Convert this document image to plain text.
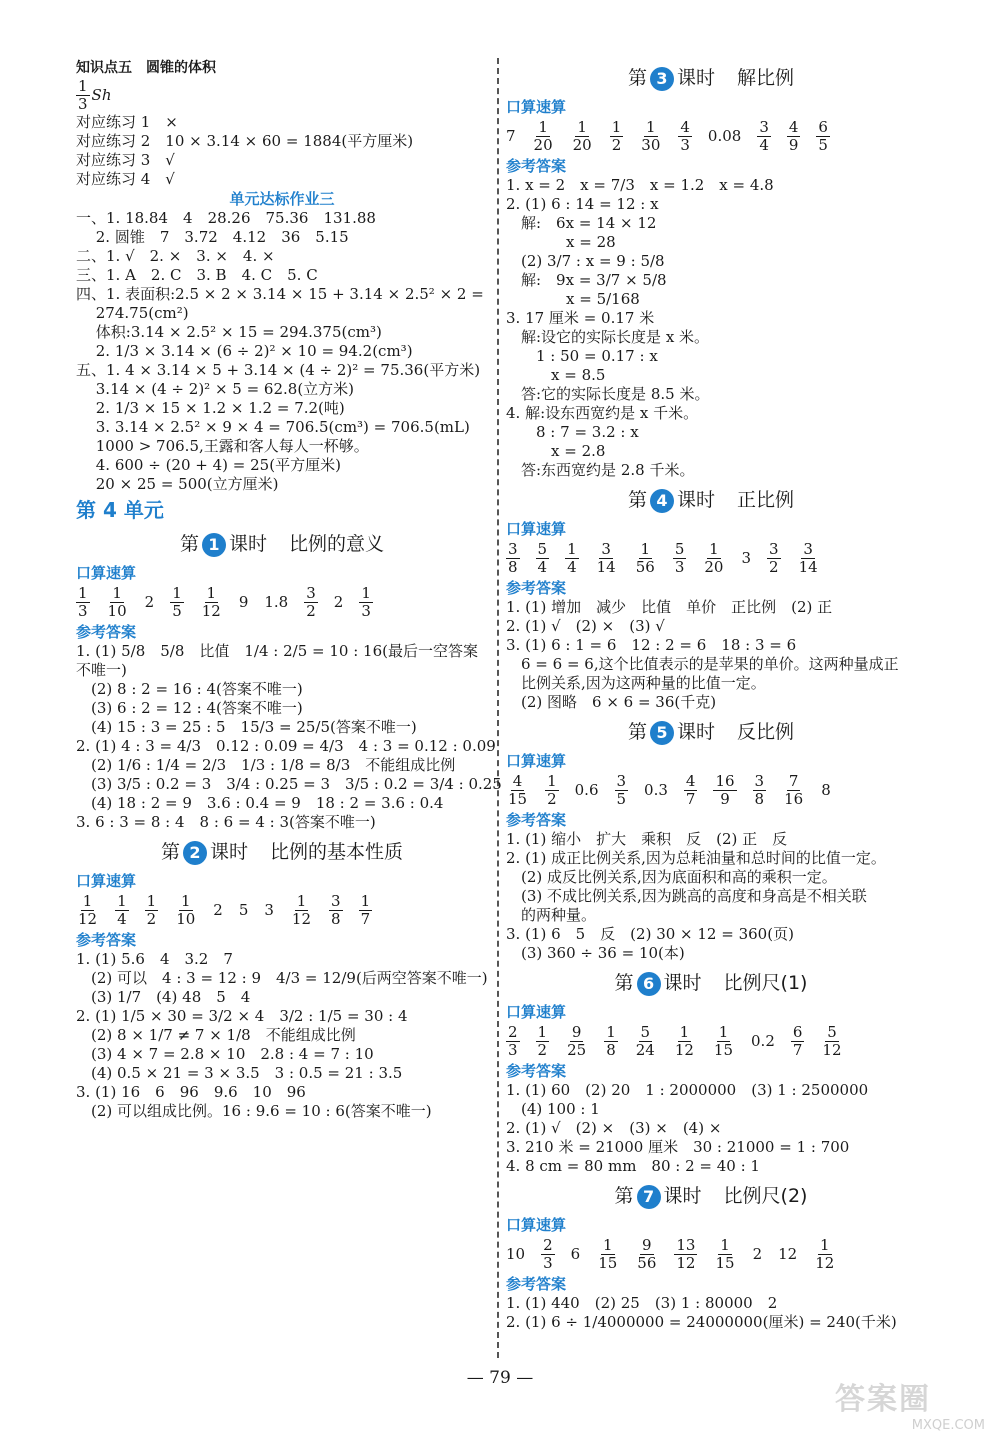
知识点五　圆锥的体积
1
3 Sh
对应练习 1　×
对应练习 2　10 × 3.14 × 60 = 1884(平方厘米)
对应练习 3　√
对应练习 4　√
单元达标作业三
一、1. 18.84　4　28.26　75.36　131.88
　 2. 圆锥　7　3.72　4.12　36　5.15
二、1. √　2. ×　3. ×　4. ×
三、1. A　2. C　3. B　4. C　5. C
四、1. 表面积:2.5 × 2 × 3.14 × 15 + 3.14 × 2.5² × 2 =
　 274.75(cm²)
　 体积:3.14 × 2.5² × 15 = 294.375(cm³)
　 2. 1/3 × 3.14 × (6 ÷ 2)² × 10 = 94.2(cm³)
五、1. 4 × 3.14 × 5 + 3.14 × (4 ÷ 2)² = 75.36(平方米)
　 3.14 × (4 ÷ 2)² × 5 = 62.8(立方米)
　 2. 1/3 × 15 × 1.2 × 1.2 = 7.2(吨)
　 3. 3.14 × 2.5² × 9 × 4 = 706.5(cm³) = 706.5(mL)
　 1000 > 706.5,王露和客人每人一杯够。
　 4. 600 ÷ (20 + 4) = 25(平方厘米)
　 20 × 25 = 500(立方厘米)
第 4 单元
第 1 课时 比例的意义
口算速算
$\frac{1}{3} \frac{1}{10} 2 \frac{1}{5} \frac{1}{12} 9$ $1.8 \frac{3}{2} 2 \frac{1}{3}$
参考答案
1. (1) 5/8　5/8　比值　1/4 : 2/5 = 10 : 16(最后一空答案
不唯一)
　(2) 8 : 2 = 16 : 4(答案不唯一)
　(3) 6 : 2 = 12 : 4(答案不唯一)
　(4) 15 : 3 = 25 : 5　15/3 = 25/5(答案不唯一)
2. (1) 4 : 3 = 4/3　0.12 : 0.09 = 4/3　4 : 3 = 0.12 : 0.09
　(2) 1/6 : 1/4 = 2/3　1/3 : 1/8 = 8/3　不能组成比例
　(3) 3/5 : 0.2 = 3　3/4 : 0.25 = 3　3/5 : 0.2 = 3/4 : 0.25
　(4) 18 : 2 = 9　3.6 : 0.4 = 9　18 : 2 = 3.6 : 0.4
3. 6 : 3 = 8 : 4　8 : 6 = 4 : 3(答案不唯一)
第 2 课时 比例的基本性质
口算速算
$\frac{1}{12} \frac{1}{4} \frac{1}{2} \frac{1}{10} 2$ 5 $3 \frac{1}{12} \frac{3}{8} \frac{1}{7}$
参考答案
1. (1) 5.6　4　3.2　7
　(2) 可以　4 : 3 = 12 : 9　4/3 = 12/9(后两空答案不唯一)
　(3) 1/7　(4) 48　5　4
2. (1) 1/5 × 30 = 3/2 × 4　3/2 : 1/5 = 30 : 4
　(2) 8 × 1/7 ≠ 7 × 1/8　不能组成比例
　(3) 4 × 7 = 2.8 × 10　2.8 : 4 = 7 : 10
　(4) 0.5 × 21 = 3 × 3.5　3 : 0.5 = 21 : 3.5
3. (1) 16　6　96　9.6　10　96
　(2) 可以组成比例。16 : 9.6 = 10 : 6(答案不唯一)
第 3 课时 解比例
口算速算
$7 \frac{1}{20} \frac{1}{20} \frac{1}{2} \frac{1}{30} \frac{4}{3} 0.08 \frac{3}{4} \frac{4}{9} \frac{6}{5}$
参考答案
1. x = 2　x = 7/3　x = 1.2　x = 4.8
2. (1) 6 : 14 = 12 : x
　解:　6x = 14 × 12
　　　　x = 28
　(2) 3/7 : x = 9 : 5/8
　解:　9x = 3/7 × 5/8
　　　　x = 5/168
3. 17 厘米 = 0.17 米
　解:设它的实际长度是 x 米。
　　1 : 50 = 0.17 : x
　　　x = 8.5
　答:它的实际长度是 8.5 米。
4. 解:设东西宽约是 x 千米。
　　8 : 7 = 3.2 : x
　　　x = 2.8
　答:东西宽约是 2.8 千米。
第 4 课时 正比例
口算速算
$\frac{3}{8} \frac{5}{4} \frac{1}{4} \frac{3}{14} \frac{1}{56} \frac{5}{3} \frac{1}{20} 3 \frac{3}{2} \frac{3}{14}$
参考答案
1. (1) 增加　减少　比值　单价　正比例　(2) 正
2. (1) √　(2) ×　(3) √
3. (1) 6 : 1 = 6　12 : 2 = 6　18 : 3 = 6
　6 = 6 = 6,这个比值表示的是苹果的单价。这两种量成正
　比例关系,因为这两种量的比值一定。
　(2) 图略　6 × 6 = 36(千克)
第 5 课时 反比例
口算速算
$\frac{4}{15} \frac{1}{2} 0.6 \frac{3}{5} 0.3 \frac{4}{7} \frac{16}{9} \frac{3}{8} \frac{7}{16} 8$
参考答案
1. (1) 缩小　扩大　乘积　反　(2) 正　反
2. (1) 成正比例关系,因为总耗油量和总时间的比值一定。
　(2) 成反比例关系,因为底面积和高的乘积一定。
　(3) 不成比例关系,因为跳高的高度和身高是不相关联
　的两种量。
3. (1) 6　5　反　(2) 30 × 12 = 360(页)
　(3) 360 ÷ 36 = 10(本)
第 6 课时 比例尺(1)
口算速算
$\frac{2}{3} \frac{1}{2} \frac{9}{25} \frac{1}{8} \frac{5}{24} \frac{1}{12} \frac{1}{15} 0.2 \frac{6}{7} \frac{5}{12}$
参考答案
1. (1) 60　(2) 20　1 : 2000000　(3) 1 : 2500000
　(4) 100 : 1
2. (1) √　(2) ×　(3) ×　(4) ×
3. 210 米 = 21000 厘米　30 : 21000 = 1 : 700
4. 8 cm = 80 mm　80 : 2 = 40 : 1
第 7 课时 比例尺(2)
口算速算
$10 \frac{2}{3} 6 \frac{1}{15} \frac{9}{56} \frac{13}{12} \frac{1}{15} 2$ $12 \frac{1}{12}$
参考答案
1. (1) 440　(2) 25　(3) 1 : 80000　2
2. (1) 6 ÷ 1/4000000 = 24000000(厘米) = 240(千米)
— 79 —
答案圈
MXQE.COM
